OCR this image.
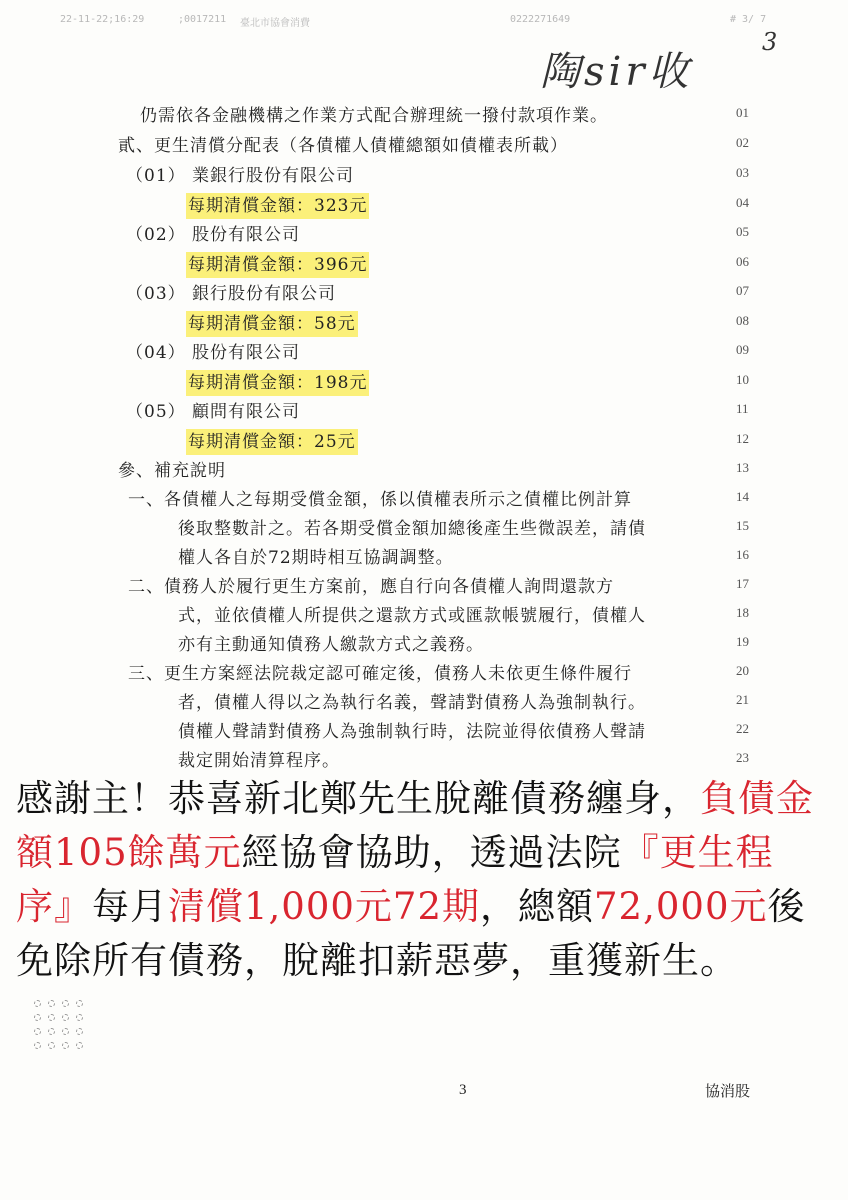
22-11-22;16:29	;0017211 臺北市協會消費	0222271649	# 3/ 7
陶sir收
3
仍需依各金融機構之作業方式配合辦理統一撥付款項作業。	01
貳、更生清償分配表（各債權人債權總額如債權表所載）	02
（01） 業銀行股份有限公司	03
每期清償金額：323元	04
（02） 股份有限公司	05
每期清償金額：396元	06
（03） 銀行股份有限公司	07
每期清償金額：58元	08
（04） 股份有限公司	09
每期清償金額：198元	10
（05） 顧問有限公司	11
每期清償金額：25元	12
參、補充說明	13
一、各債權人之每期受償金額，係以債權表所示之債權比例計算	14
後取整數計之。若各期受償金額加總後產生些微誤差，請債	15
權人各自於72期時相互協調調整。	16
二、債務人於履行更生方案前，應自行向各債權人詢問還款方	17
式，並依債權人所提供之還款方式或匯款帳號履行，債權人	18
亦有主動通知債務人繳款方式之義務。	19
三、更生方案經法院裁定認可確定後，債務人未依更生條件履行	20
者，債權人得以之為執行名義，聲請對債務人為強制執行。	21
債權人聲請對債務人為強制執行時，法院並得依債務人聲請	22
裁定開始清算程序。	23
感謝主！恭喜新北鄭先生脫離債務纏身，負債金額105餘萬元經協會協助，透過法院『更生程序』每月清償1,000元72期，總額72,000元後免除所有債務，脫離扣薪惡夢，重獲新生。
3	協消股
